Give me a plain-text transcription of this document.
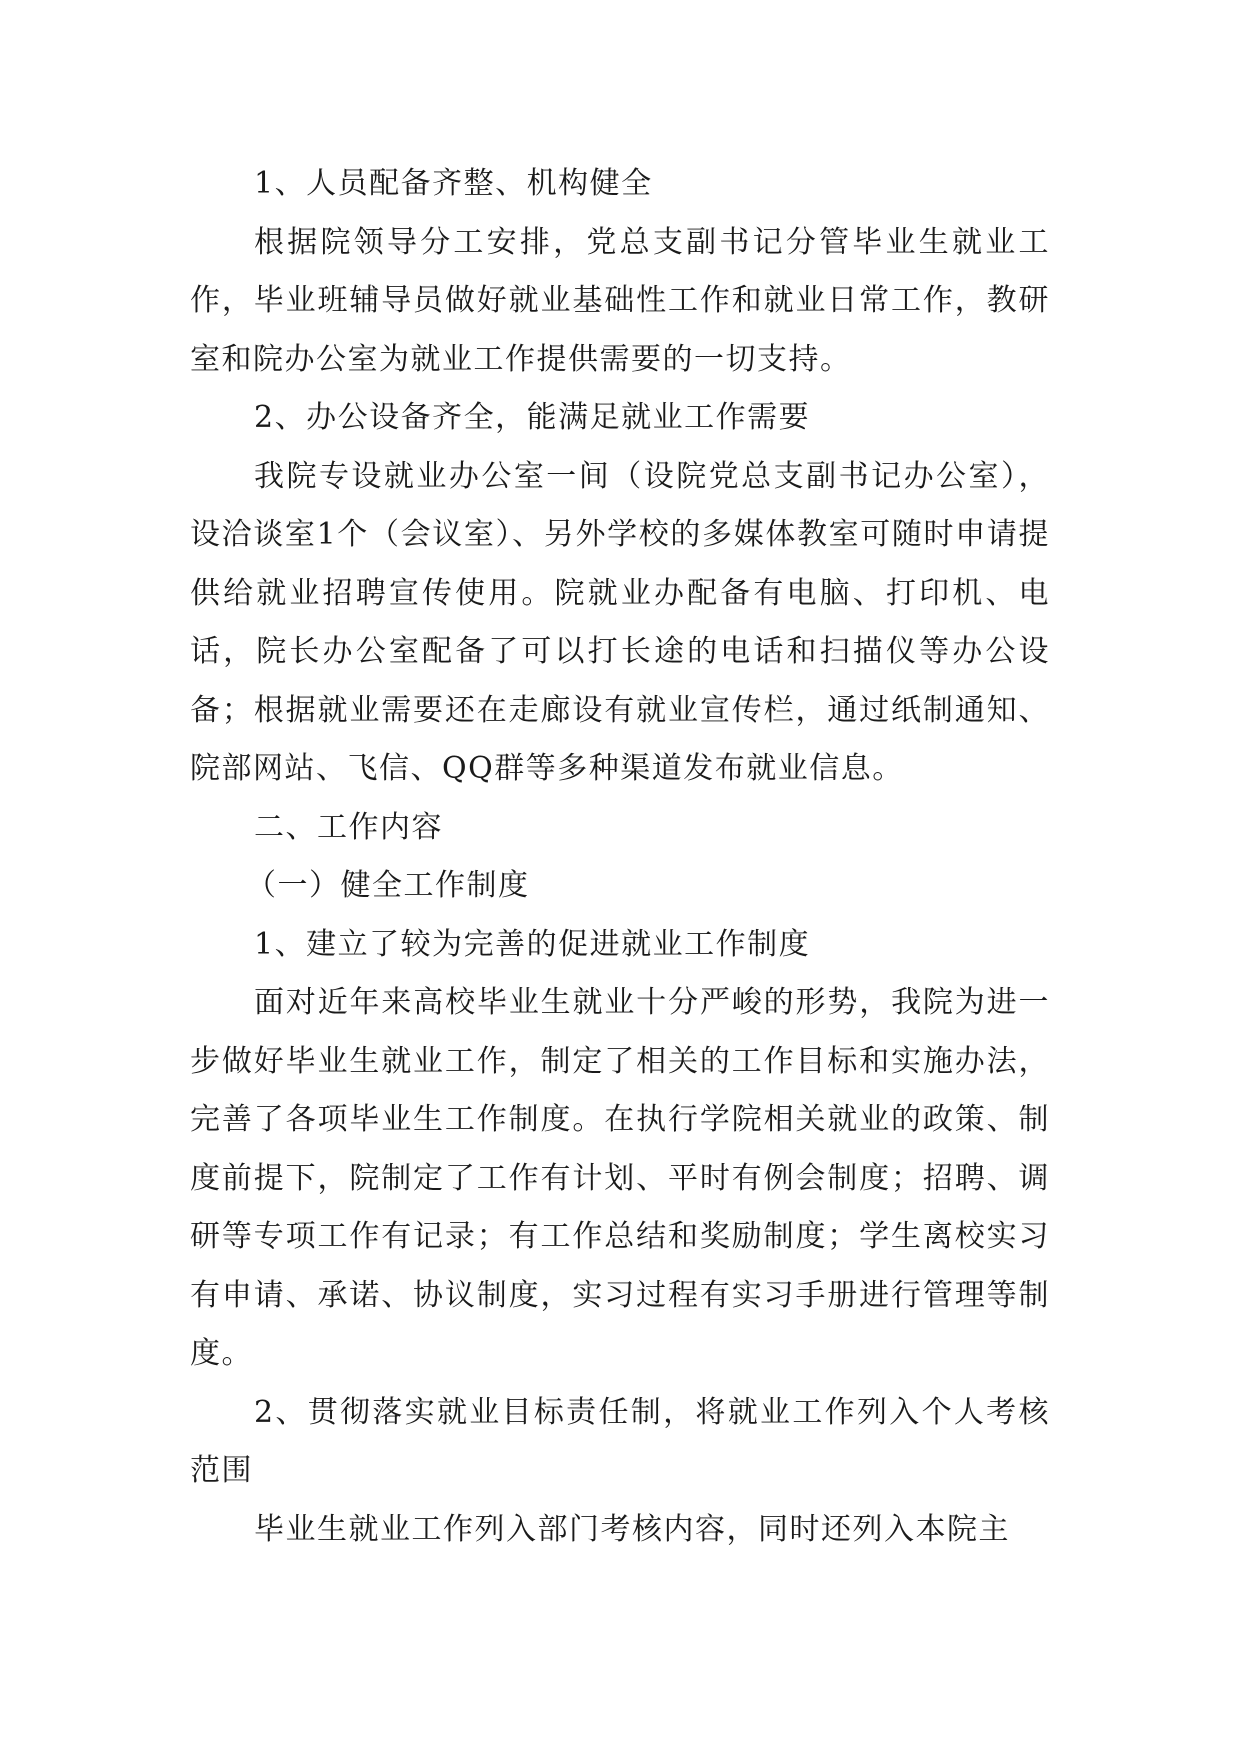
1、人员配备齐整、机构健全

根据院领导分工安排，党总支副书记分管毕业生就业工作，毕业班辅导员做好就业基础性工作和就业日常工作，教研室和院办公室为就业工作提供需要的一切支持。

2、办公设备齐全，能满足就业工作需要

我院专设就业办公室一间（设院党总支副书记办公室），设洽谈室1个（会议室）、另外学校的多媒体教室可随时申请提供给就业招聘宣传使用。院就业办配备有电脑、打印机、电话，院长办公室配备了可以打长途的电话和扫描仪等办公设备；根据就业需要还在走廊设有就业宣传栏，通过纸制通知、院部网站、飞信、QQ群等多种渠道发布就业信息。

二、工作内容

（一）健全工作制度

1、建立了较为完善的促进就业工作制度

面对近年来高校毕业生就业十分严峻的形势，我院为进一步做好毕业生就业工作，制定了相关的工作目标和实施办法，完善了各项毕业生工作制度。在执行学院相关就业的政策、制度前提下，院制定了工作有计划、平时有例会制度；招聘、调研等专项工作有记录；有工作总结和奖励制度；学生离校实习有申请、承诺、协议制度，实习过程有实习手册进行管理等制度。

2、贯彻落实就业目标责任制，将就业工作列入个人考核范围

毕业生就业工作列入部门考核内容，同时还列入本院主
